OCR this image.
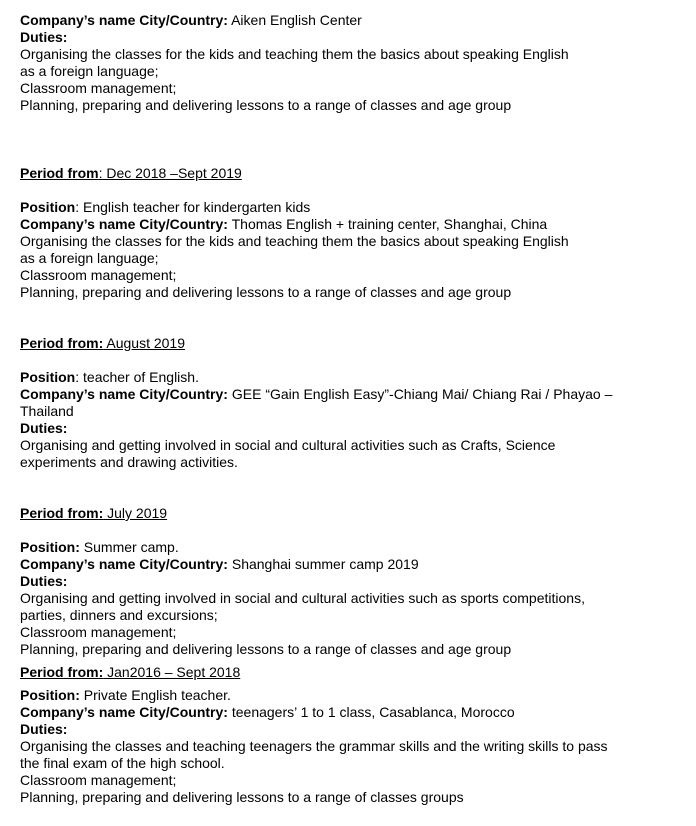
Company’s name City/Country: Aiken English Center
Duties:
Organising the classes for the kids and teaching them the basics about speaking English
as a foreign language;
Classroom management;
Planning, preparing and delivering lessons to a range of classes and age group
Period from: Dec 2018 –Sept 2019
Position: English teacher for kindergarten kids
Company’s name City/Country: Thomas English + training center, Shanghai, China
Organising the classes for the kids and teaching them the basics about speaking English
as a foreign language;
Classroom management;
Planning, preparing and delivering lessons to a range of classes and age group
Period from: August 2019
Position: teacher of English.
Company’s name City/Country: GEE “Gain English Easy”-Chiang Mai/ Chiang Rai / Phayao –
Thailand
Duties:
Organising and getting involved in social and cultural activities such as Crafts, Science
experiments and drawing activities.
Period from: July 2019
Position: Summer camp.
Company’s name City/Country: Shanghai summer camp 2019
Duties:
Organising and getting involved in social and cultural activities such as sports competitions,
parties, dinners and excursions;
Classroom management;
Planning, preparing and delivering lessons to a range of classes and age group
Period from: Jan2016 – Sept 2018
Position: Private English teacher.
Company’s name City/Country: teenagers’ 1 to 1 class, Casablanca, Morocco
Duties:
Organising the classes and teaching teenagers the grammar skills and the writing skills to pass
the final exam of the high school.
Classroom management;
Planning, preparing and delivering lessons to a range of classes groups
